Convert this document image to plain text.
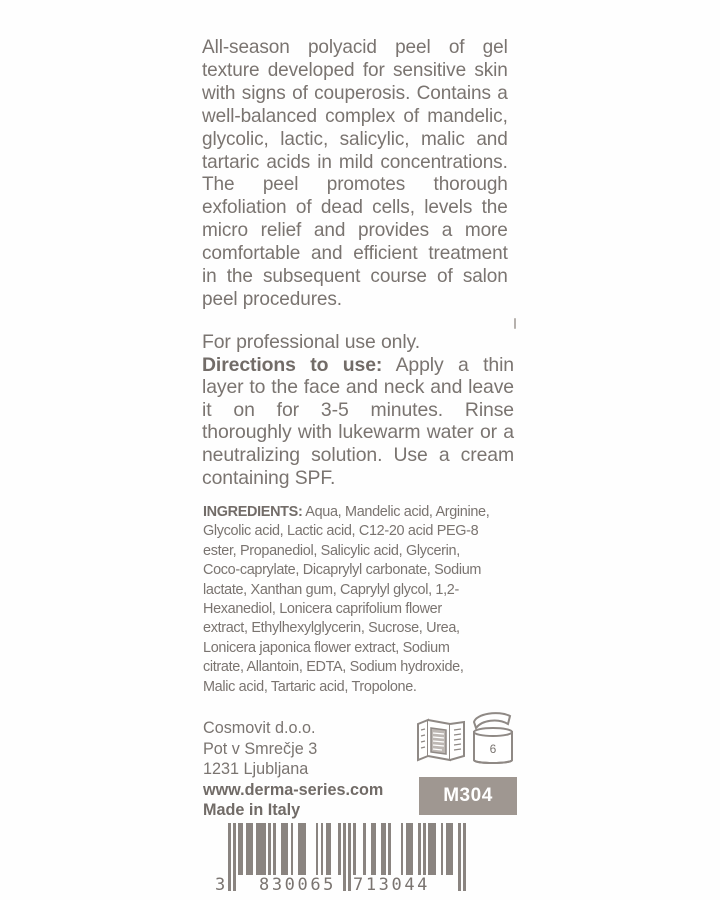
All-season polyacid peel of gel texture developed for sensitive skin with signs of couperosis. Contains a well-balanced complex of mandelic, glycolic, lactic, salicylic, malic and tartaric acids in mild concentrations. The peel promotes thorough exfoliation of dead cells, levels the micro relief and provides a more comfortable and efficient treatment in the subsequent course of salon peel procedures.

For professional use only.
Directions to use: Apply a thin layer to the face and neck and leave it on for 3-5 minutes. Rinse thoroughly with lukewarm water or a neutralizing solution. Use a cream containing SPF.
INGREDIENTS: Aqua, Mandelic acid, Arginine, Glycolic acid, Lactic acid, C12-20 acid PEG-8 ester, Propanediol, Salicylic acid, Glycerin, Coco-caprylate, Dicaprylyl carbonate, Sodium lactate, Xanthan gum, Caprylyl glycol, 1,2-Hexanediol, Lonicera caprifolium flower extract, Ethylhexylglycerin, Sucrose, Urea, Lonicera japonica flower extract, Sodium citrate, Allantoin, EDTA, Sodium hydroxide, Malic acid, Tartaric acid, Tropolone.
Cosmovit d.o.o.
Pot v Smrečje 3
1231 Ljubljana
www.derma-series.com
Made in Italy
6
M304
3 830065 713044
